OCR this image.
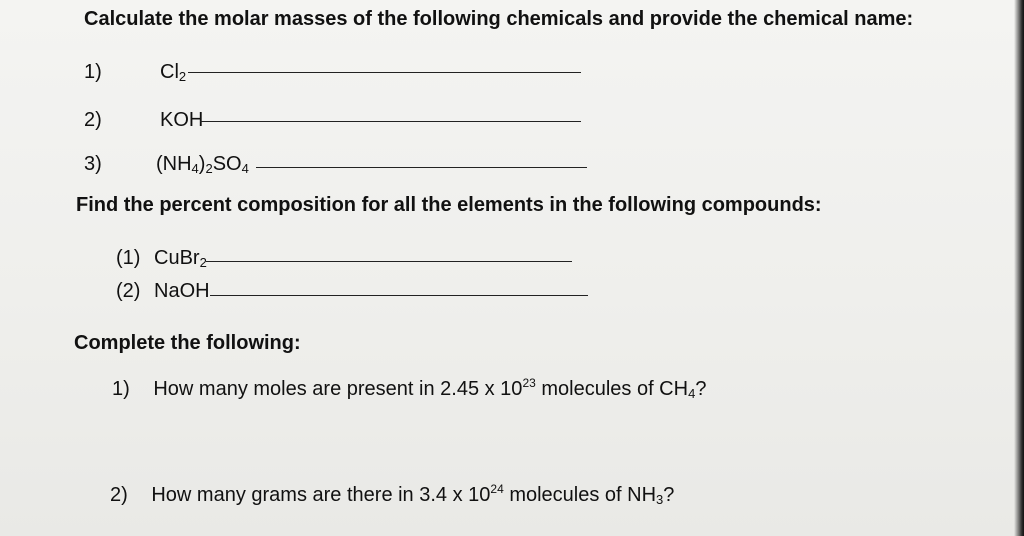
Calculate the molar masses of the following chemicals and provide the chemical name:
1)	$Cl_2$
2)	KOH
3)	$(NH_4)_2SO_4$
Find the percent composition for all the elements in the following compounds:
(1) CuBr$_2$
(2) NaOH
Complete the following:
1) How many moles are present in 2.45 x $10^{23}$ molecules of $CH_4$?
2) How many grams are there in 3.4 x $10^{24}$ molecules of $NH_3$?
